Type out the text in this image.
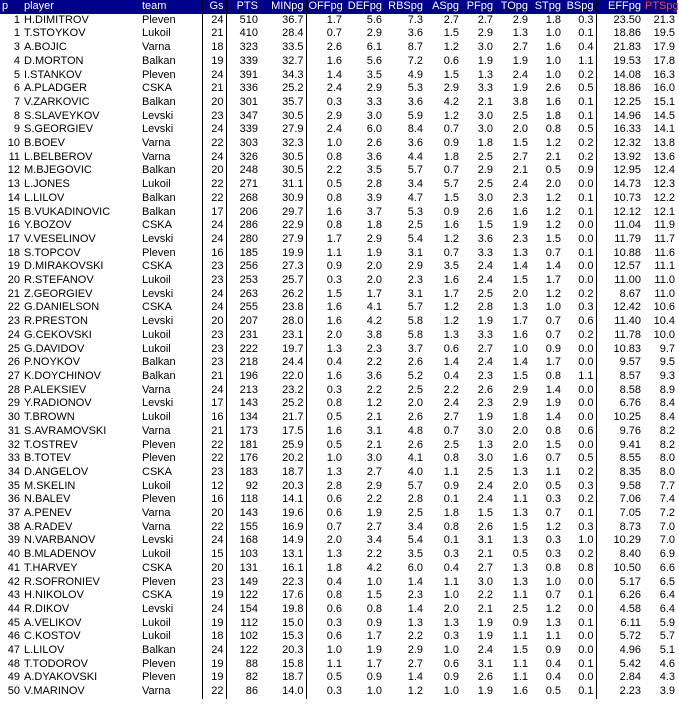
p	player	team	Gs	PTS	MINpg	OFFpg	DEFpg	RBSpg	ASpg	PFpg	TOpg	STpg	BSpg	EFFpg	PTSpg
1	H.DIMITROV	Pleven	24	510	36.7	1.7	5.6	7.3	2.7	2.7	2.9	1.8	0.3	23.50	21.3
1	T.STOYKOV	Lukoil	21	410	28.4	0.7	2.9	3.6	1.5	2.9	1.3	1.0	0.1	18.86	19.5
3	A.BOJIC	Varna	18	323	33.5	2.6	6.1	8.7	1.2	3.0	2.7	1.6	0.4	21.83	17.9
4	D.MORTON	Balkan	19	339	32.7	1.6	5.6	7.2	0.6	1.9	1.9	1.0	1.1	19.53	17.8
5	I.STANKOV	Pleven	24	391	34.3	1.4	3.5	4.9	1.5	1.3	2.4	1.0	0.2	14.08	16.3
6	A.PLADGER	CSKA	21	336	25.2	2.4	2.9	5.3	2.9	3.3	1.9	2.6	0.5	18.86	16.0
7	V.ZARKOVIC	Balkan	20	301	35.7	0.3	3.3	3.6	4.2	2.1	3.8	1.6	0.1	12.25	15.1
8	S.SLAVEYKOV	Levski	23	347	30.5	2.9	3.0	5.9	1.2	3.0	2.5	1.8	0.1	14.96	14.5
9	S.GEORGIEV	Levski	24	339	27.9	2.4	6.0	8.4	0.7	3.0	2.0	0.8	0.5	16.33	14.1
10	B.BOEV	Varna	22	303	32.3	1.0	2.6	3.6	0.9	1.8	1.5	1.2	0.2	12.32	13.8
11	L.BELBEROV	Varna	24	326	30.5	0.8	3.6	4.4	1.8	2.5	2.7	2.1	0.2	13.92	13.6
12	M.BJEGOVIC	Balkan	20	248	30.5	2.2	3.5	5.7	0.7	2.9	2.1	0.5	0.9	12.95	12.4
13	L.JONES	Lukoil	22	271	31.1	0.5	2.8	3.4	5.7	2.5	2.4	2.0	0.0	14.73	12.3
14	L.LILOV	Balkan	22	268	30.9	0.8	3.9	4.7	1.5	3.0	2.3	1.2	0.1	10.73	12.2
15	B.VUKADINOVIC	Balkan	17	206	29.7	1.6	3.7	5.3	0.9	2.6	1.6	1.2	0.1	12.12	12.1
16	Y.BOZOV	CSKA	24	286	22.9	0.8	1.8	2.5	1.6	1.5	1.9	1.2	0.0	11.04	11.9
17	V.VESELINOV	Levski	24	280	27.9	1.7	2.9	5.4	1.2	3.6	2.3	1.5	0.0	11.79	11.7
18	S.TOPCOV	Pleven	16	185	19.9	1.1	1.9	3.1	0.7	3.3	1.3	0.7	0.1	10.88	11.6
19	D.MIRAKOVSKI	CSKA	23	256	27.3	0.9	2.0	2.9	3.5	2.4	1.4	1.4	0.0	12.57	11.1
20	R.STEFANOV	Lukoil	23	253	25.7	0.3	2.0	2.3	1.6	2.4	1.5	1.7	0.0	11.00	11.0
21	Z.GEORGIEV	Levski	24	263	26.2	1.5	1.7	3.1	1.7	2.5	2.0	1.2	0.2	8.67	11.0
22	G.DANIELSON	CSKA	24	255	23.8	1.6	4.1	5.7	1.2	2.8	1.3	1.0	0.3	12.42	10.6
23	R.PRESTON	Levski	20	207	28.0	1.6	4.2	5.8	1.2	1.9	1.7	0.7	0.6	11.40	10.4
24	G.CEKOVSKI	Lukoil	23	231	23.1	2.0	3.8	5.8	1.3	3.3	1.6	0.7	0.2	11.78	10.0
25	G.DAVIDOV	Lukoil	23	222	19.7	1.3	2.3	3.7	0.6	2.7	1.0	0.9	0.0	10.83	9.7
26	P.NOYKOV	Balkan	23	218	24.4	0.4	2.2	2.6	1.4	2.4	1.4	1.7	0.0	9.57	9.5
27	K.DOYCHINOV	Balkan	21	196	22.0	1.6	3.6	5.2	0.4	2.3	1.5	0.8	1.1	8.57	9.3
28	P.ALEKSIEV	Varna	24	213	23.2	0.3	2.2	2.5	2.2	2.6	2.9	1.4	0.0	8.58	8.9
29	Y.RADIONOV	Levski	17	143	25.2	0.8	1.2	2.0	2.4	2.3	2.9	1.9	0.0	6.76	8.4
30	T.BROWN	Lukoil	16	134	21.7	0.5	2.1	2.6	2.7	1.9	1.8	1.4	0.0	10.25	8.4
31	S.AVRAMOVSKI	Varna	21	173	17.5	1.6	3.1	4.8	0.7	3.0	2.0	0.8	0.6	9.76	8.2
32	T.OSTREV	Pleven	22	181	25.9	0.5	2.1	2.6	2.5	1.3	2.0	1.5	0.0	9.41	8.2
33	B.TOTEV	Pleven	22	176	20.2	1.0	3.0	4.1	0.8	3.0	1.6	0.7	0.5	8.55	8.0
34	D.ANGELOV	CSKA	23	183	18.7	1.3	2.7	4.0	1.1	2.5	1.3	1.1	0.2	8.35	8.0
35	M.SKELIN	Lukoil	12	92	20.3	2.8	2.9	5.7	0.9	2.4	2.0	0.5	0.3	9.58	7.7
36	N.BALEV	Pleven	16	118	14.1	0.6	2.2	2.8	0.1	2.4	1.1	0.3	0.2	7.06	7.4
37	A.PENEV	Varna	20	143	19.6	0.6	1.9	2.5	1.8	1.5	1.3	0.7	0.1	7.05	7.2
38	A.RADEV	Varna	22	155	16.9	0.7	2.7	3.4	0.8	2.6	1.5	1.2	0.3	8.73	7.0
39	N.VARBANOV	Levski	24	168	14.9	2.0	3.4	5.4	0.1	3.1	1.3	0.3	1.0	10.29	7.0
40	B.MLADENOV	Lukoil	15	103	13.1	1.3	2.2	3.5	0.3	2.1	0.5	0.3	0.2	8.40	6.9
41	T.HARVEY	CSKA	20	131	16.1	1.8	4.2	6.0	0.4	2.7	1.3	0.8	0.8	10.50	6.6
42	R.SOFRONIEV	Pleven	23	149	22.3	0.4	1.0	1.4	1.1	3.0	1.3	1.0	0.0	5.17	6.5
43	H.NIKOLOV	CSKA	19	122	17.6	0.8	1.5	2.3	1.0	2.2	1.1	0.7	0.1	6.26	6.4
44	R.DIKOV	Levski	24	154	19.8	0.6	0.8	1.4	2.0	2.1	2.5	1.2	0.0	4.58	6.4
45	A.VELIKOV	Lukoil	19	112	15.0	0.3	0.9	1.3	1.3	1.9	0.9	1.3	0.1	6.11	5.9
46	C.KOSTOV	Lukoil	18	102	15.3	0.6	1.7	2.2	0.3	1.9	1.1	1.1	0.0	5.72	5.7
47	L.LILOV	Balkan	24	122	20.3	1.0	1.9	2.9	1.0	2.4	1.5	0.9	0.0	4.96	5.1
48	T.TODOROV	Pleven	19	88	15.8	1.1	1.7	2.7	0.6	3.1	1.1	0.4	0.1	5.42	4.6
49	A.DYAKOVSKI	Pleven	19	82	18.7	0.5	0.9	1.4	0.9	2.6	1.1	0.4	0.0	2.84	4.3
50	V.MARINOV	Varna	22	86	14.0	0.3	1.0	1.2	1.0	1.9	1.6	0.5	0.1	2.23	3.9
